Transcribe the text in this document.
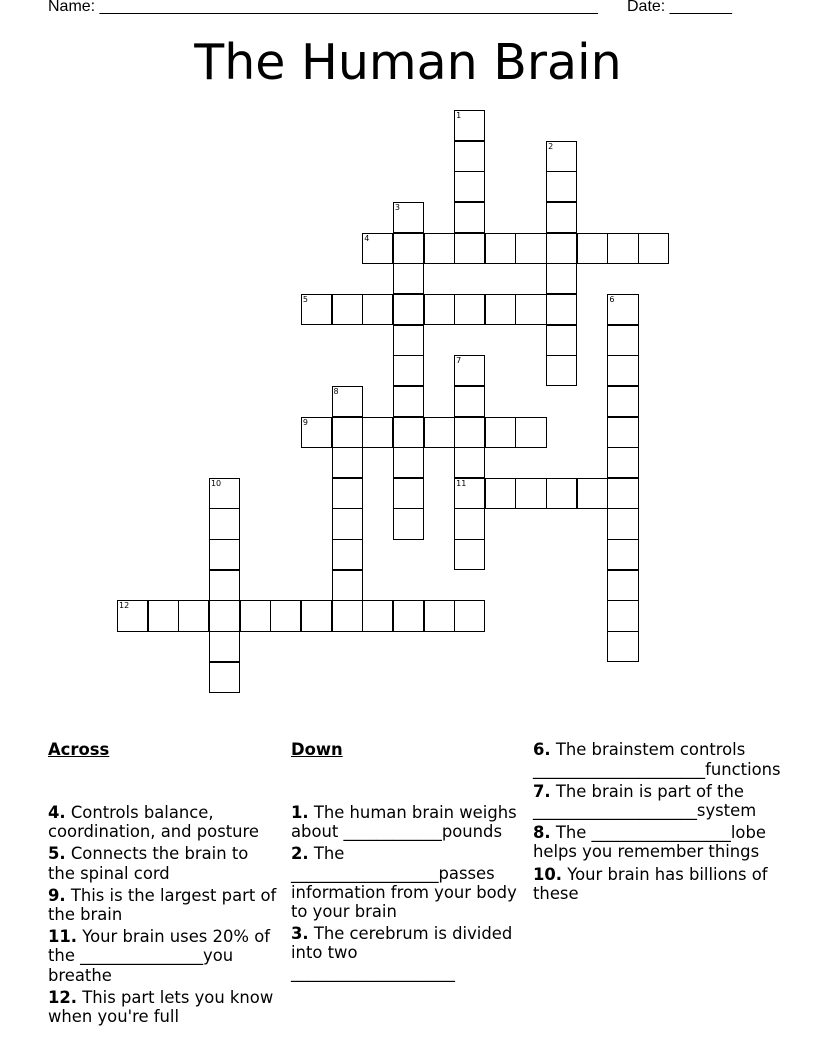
Name: ________________________________________________________ Date: _______
The Human Brain
1
2
3
4
5	6
7
11
8
9
10
12

Across

4. Controls balance, coordination, and posture
5. Connects the brain to the spinal cord
9. This is the largest part of the brain
11. Your brain uses 20% of the _______________you breathe
12. This part lets you know when you're full

Down

1. The human brain weighs about ____________pounds
2. The __________________passes information from your body to your brain
3. The cerebrum is divided into two ____________________

6. The brainstem controls _____________________functions
7. The brain is part of the ____________________system
8. The _________________lobe helps you remember things
10. Your brain has billions of these
